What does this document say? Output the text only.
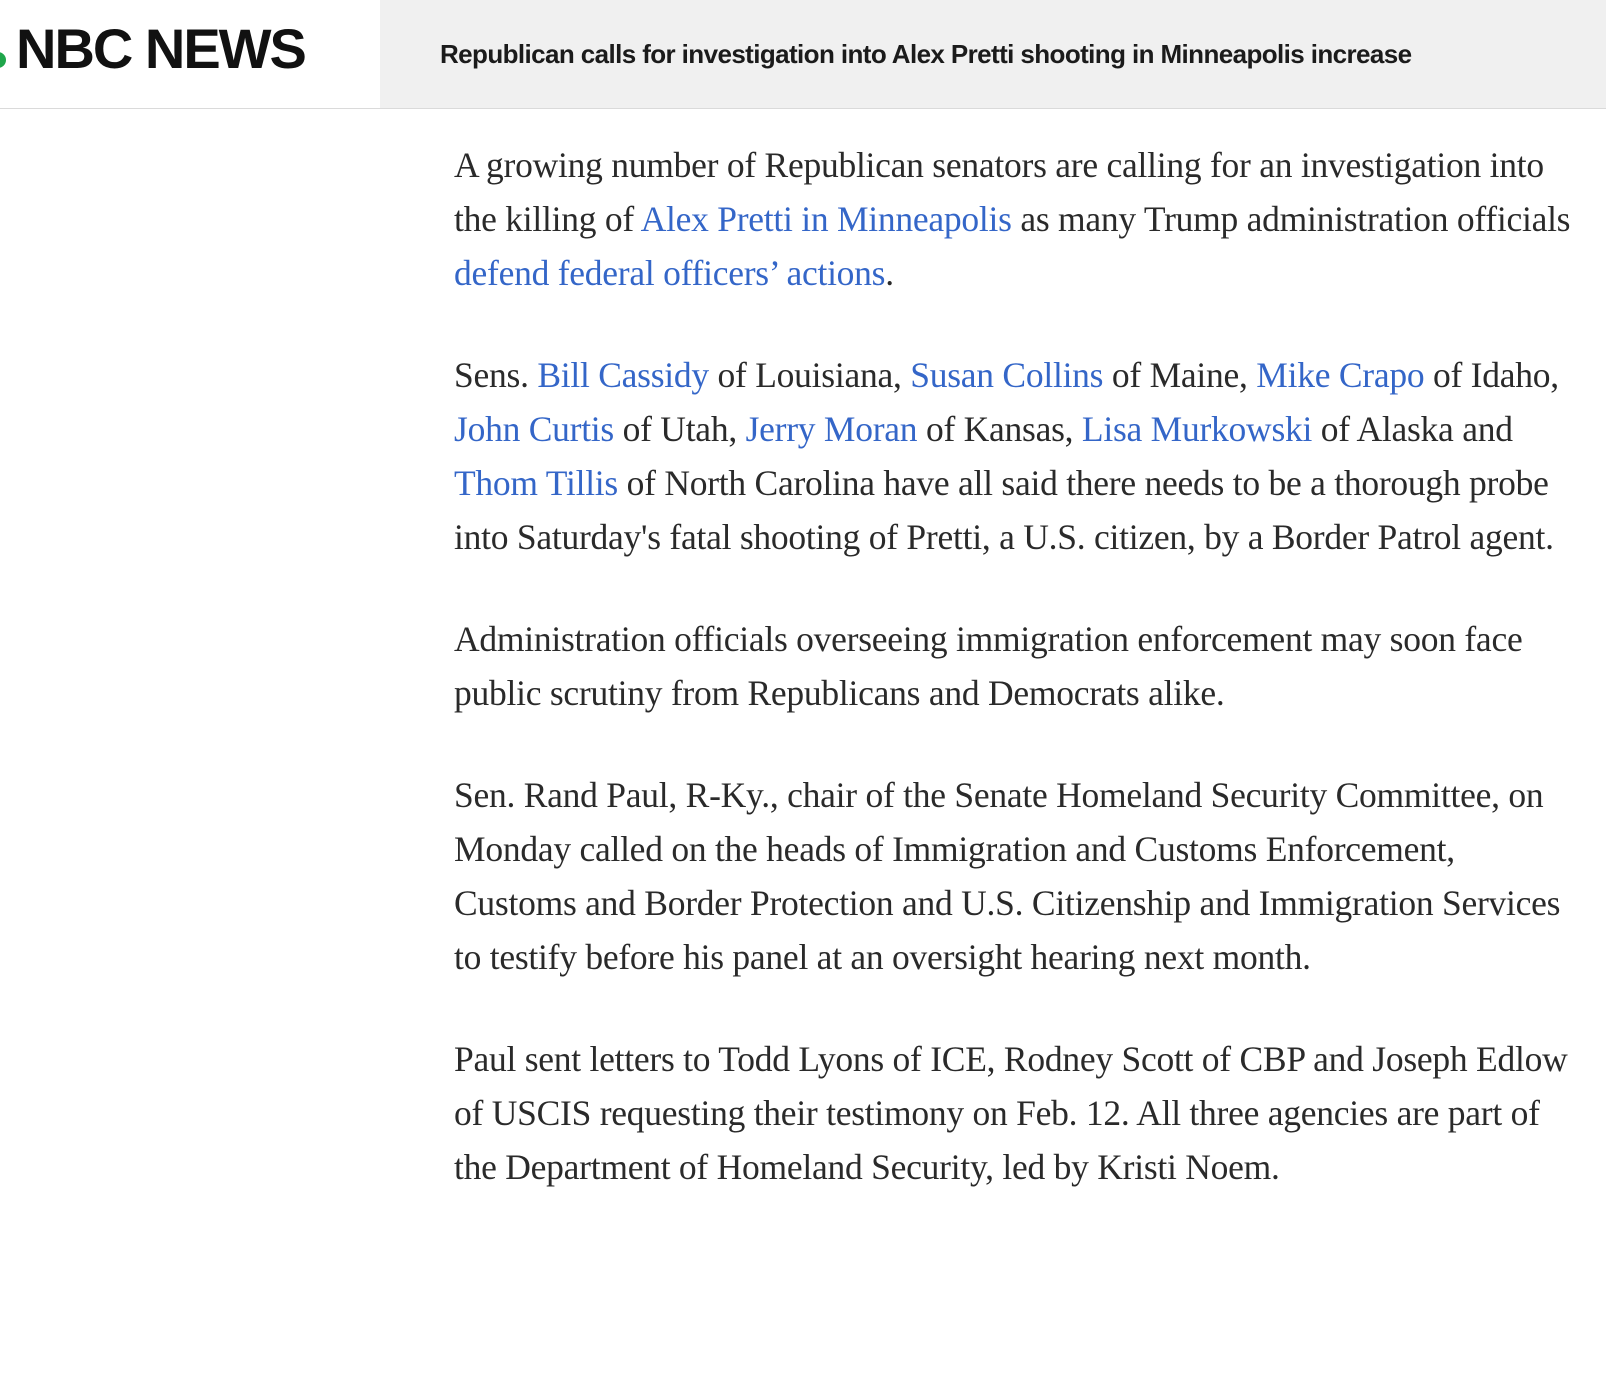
NBC NEWS	Republican calls for investigation into Alex Pretti shooting in Minneapolis increase

A growing number of Republican senators are calling for an investigation into the killing of Alex Pretti in Minneapolis as many Trump administration officials defend federal officers’ actions.

Sens. Bill Cassidy of Louisiana, Susan Collins of Maine, Mike Crapo of Idaho, John Curtis of Utah, Jerry Moran of Kansas, Lisa Murkowski of Alaska and Thom Tillis of North Carolina have all said there needs to be a thorough probe into Saturday's fatal shooting of Pretti, a U.S. citizen, by a Border Patrol agent.

Administration officials overseeing immigration enforcement may soon face public scrutiny from Republicans and Democrats alike.

Sen. Rand Paul, R-Ky., chair of the Senate Homeland Security Committee, on Monday called on the heads of Immigration and Customs Enforcement, Customs and Border Protection and U.S. Citizenship and Immigration Services to testify before his panel at an oversight hearing next month.

Paul sent letters to Todd Lyons of ICE, Rodney Scott of CBP and Joseph Edlow of USCIS requesting their testimony on Feb. 12. All three agencies are part of the Department of Homeland Security, led by Kristi Noem.
